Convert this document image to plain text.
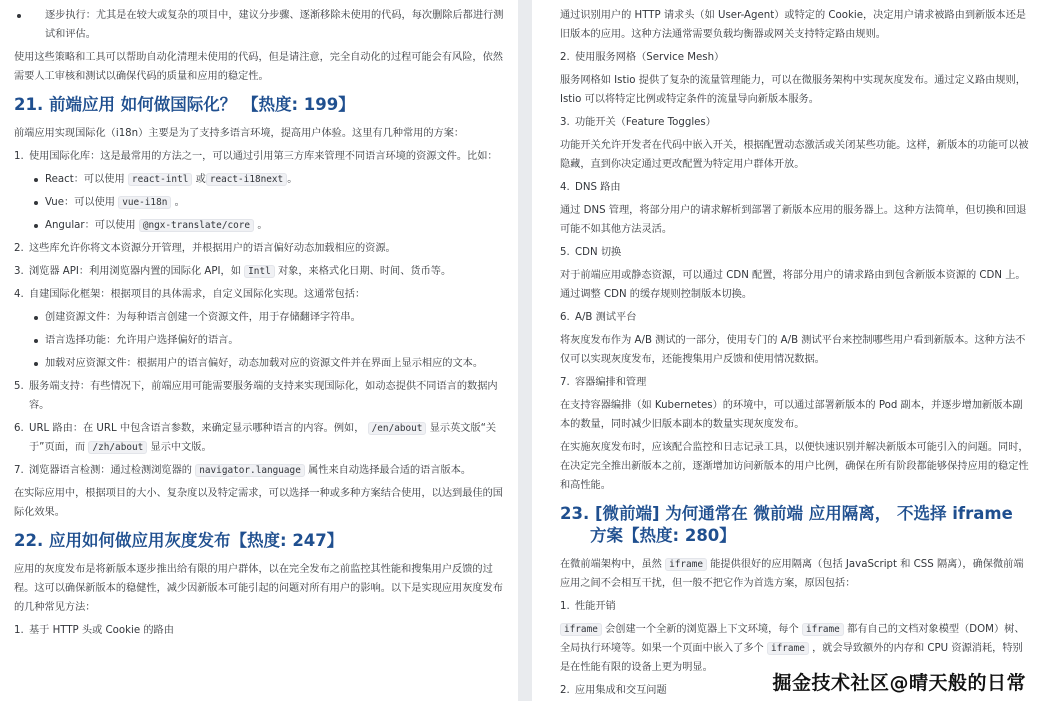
逐步执行：尤其是在较大或复杂的项目中，建议分步骤、逐渐移除未使用的代码，每次删除后都进行测试和评估。

使用这些策略和工具可以帮助自动化清理未使用的代码，但是请注意，完全自动化的过程可能会有风险，依然需要人工审核和测试以确保代码的质量和应用的稳定性。

21. 前端应用 如何做国际化？ 【热度: 199】

前端应用实现国际化（i18n）主要是为了支持多语言环境，提高用户体验。这里有几种常用的方案：

1. 使用国际化库：这是最常用的方法之一，可以通过引用第三方库来管理不同语言环境的资源文件。比如：
React：可以使用 react-intl 或 react-i18next 。
Vue：可以使用 vue-i18n 。
Angular：可以使用 @ngx-translate/core 。
2. 这些库允许你将文本资源分开管理，并根据用户的语言偏好动态加载相应的资源。
3. 浏览器 API：利用浏览器内置的国际化 API，如 Intl 对象，来格式化日期、时间、货币等。
4. 自建国际化框架：根据项目的具体需求，自定义国际化实现。这通常包括：
创建资源文件：为每种语言创建一个资源文件，用于存储翻译字符串。
语言选择功能：允许用户选择偏好的语言。
加载对应资源文件：根据用户的语言偏好，动态加载对应的资源文件并在界面上显示相应的文本。
5. 服务端支持：有些情况下，前端应用可能需要服务端的支持来实现国际化，如动态提供不同语言的数据内容。
6. URL 路由：在 URL 中包含语言参数，来确定显示哪种语言的内容。例如， /en/about 显示英文版“关于”页面，而 /zh/about 显示中文版。
7. 浏览器语言检测：通过检测浏览器的 navigator.language 属性来自动选择最合适的语言版本。

在实际应用中，根据项目的大小、复杂度以及特定需求，可以选择一种或多种方案结合使用，以达到最佳的国际化效果。

22. 应用如何做应用灰度发布【热度: 247】

应用的灰度发布是将新版本逐步推出给有限的用户群体，以在完全发布之前监控其性能和搜集用户反馈的过程。这可以确保新版本的稳健性，减少因新版本可能引起的问题对所有用户的影响。以下是实现应用灰度发布的几种常见方法：

1. 基于 HTTP 头或 Cookie 的路由

通过识别用户的 HTTP 请求头（如 User-Agent）或特定的 Cookie，决定用户请求被路由到新版本还是旧版本的应用。这种方法通常需要负载均衡器或网关支持特定路由规则。

2. 使用服务网格（Service Mesh）

服务网格如 Istio 提供了复杂的流量管理能力，可以在微服务架构中实现灰度发布。通过定义路由规则，Istio 可以将特定比例或特定条件的流量导向新版本服务。

3. 功能开关（Feature Toggles）

功能开关允许开发者在代码中嵌入开关，根据配置动态激活或关闭某些功能。这样，新版本的功能可以被隐藏，直到你决定通过更改配置为特定用户群体开放。

4. DNS 路由

通过 DNS 管理，将部分用户的请求解析到部署了新版本应用的服务器上。这种方法简单，但切换和回退可能不如其他方法灵活。

5. CDN 切换

对于前端应用或静态资源，可以通过 CDN 配置，将部分用户的请求路由到包含新版本资源的 CDN 上。通过调整 CDN 的缓存规则控制版本切换。

6. A/B 测试平台

将灰度发布作为 A/B 测试的一部分，使用专门的 A/B 测试平台来控制哪些用户看到新版本。这种方法不仅可以实现灰度发布，还能搜集用户反馈和使用情况数据。

7. 容器编排和管理

在支持容器编排（如 Kubernetes）的环境中，可以通过部署新版本的 Pod 副本，并逐步增加新版本副本的数量，同时减少旧版本副本的数量实现灰度发布。

在实施灰度发布时，应该配合监控和日志记录工具，以便快速识别并解决新版本可能引入的问题。同时，在决定完全推出新版本之前，逐渐增加访问新版本的用户比例，确保在所有阶段都能够保持应用的稳定性和高性能。

23. [微前端] 为何通常在 微前端 应用隔离， 不选择 iframe 方案【热度: 280】

在微前端架构中，虽然 iframe 能提供很好的应用隔离（包括 JavaScript 和 CSS 隔离），确保微前端应用之间不会相互干扰，但一般不把它作为首选方案，原因包括：

1. 性能开销

iframe 会创建一个全新的浏览器上下文环境，每个 iframe 都有自己的文档对象模型（DOM）树、全局执行环境等。如果一个页面中嵌入了多个 iframe ，就会导致额外的内存和 CPU 资源消耗，特别是在性能有限的设备上更为明显。

2. 应用集成和交互问题	掘金技术社区@晴天般的日常
